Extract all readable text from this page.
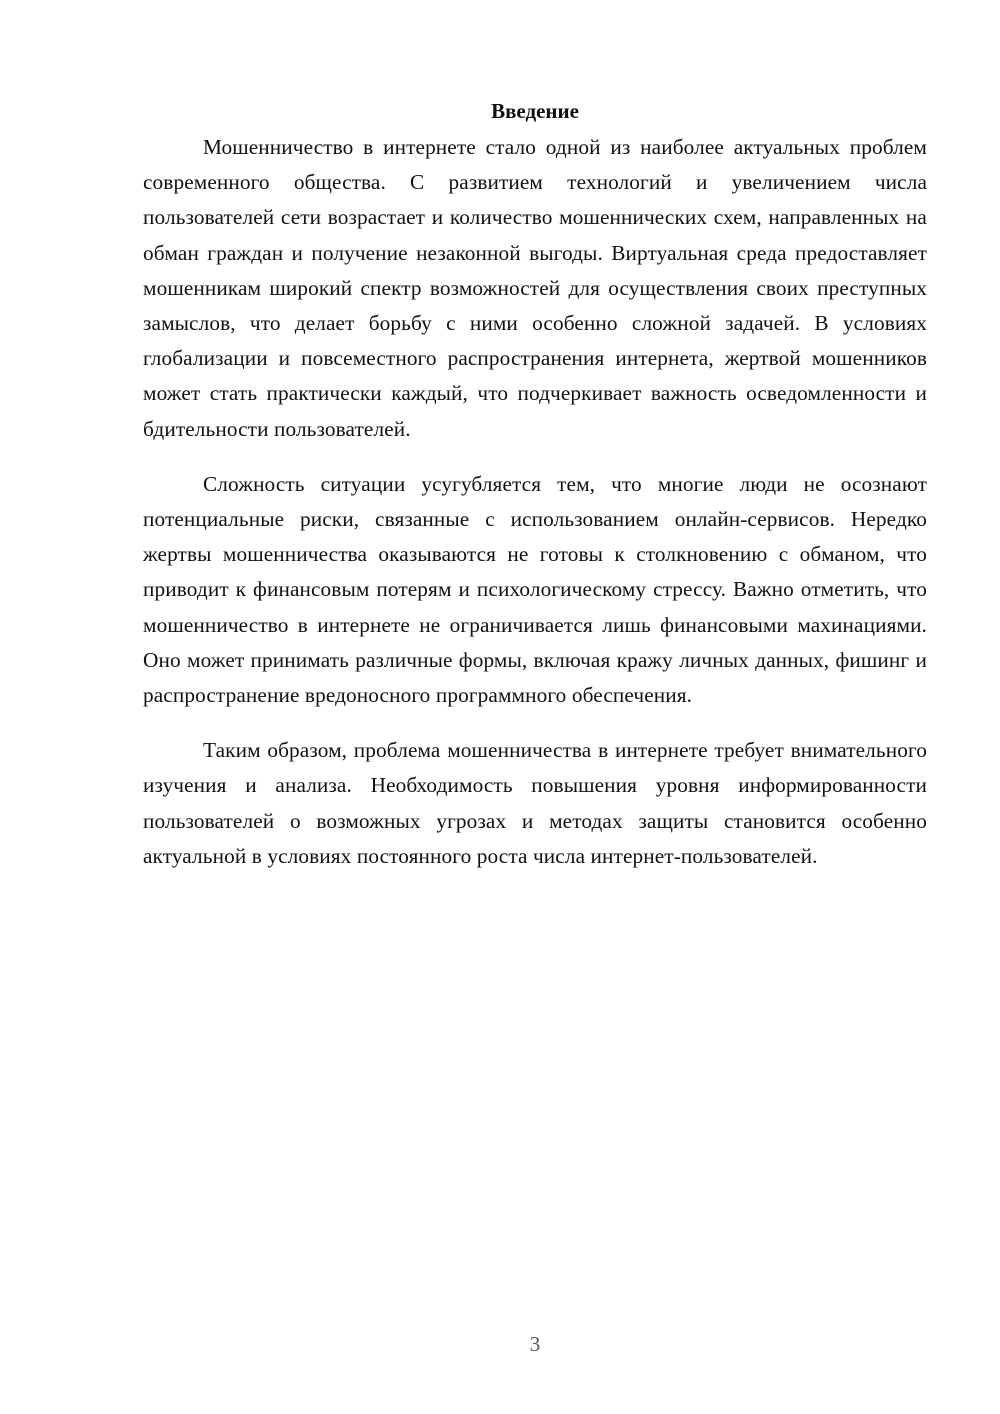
Введение

Мошенничество в интернете стало одной из наиболее актуальных проблем современного общества. С развитием технологий и увеличением числа пользователей сети возрастает и количество мошеннических схем, направленных на обман граждан и получение незаконной выгоды. Виртуальная среда предоставляет мошенникам широкий спектр возможностей для осуществления своих преступных замыслов, что делает борьбу с ними особенно сложной задачей. В условиях глобализации и повсеместного распространения интернета, жертвой мошенников может стать практически каждый, что подчеркивает важность осведомленности и бдительности пользователей.

Сложность ситуации усугубляется тем, что многие люди не осознают потенциальные риски, связанные с использованием онлайн-сервисов. Нередко жертвы мошенничества оказываются не готовы к столкновению с обманом, что приводит к финансовым потерям и психологическому стрессу. Важно отметить, что мошенничество в интернете не ограничивается лишь финансовыми махинациями. Оно может принимать различные формы, включая кражу личных данных, фишинг и распространение вредоносного программного обеспечения.

Таким образом, проблема мошенничества в интернете требует внимательного изучения и анализа. Необходимость повышения уровня информированности пользователей о возможных угрозах и методах защиты становится особенно актуальной в условиях постоянного роста числа интернет-пользователей.

3
